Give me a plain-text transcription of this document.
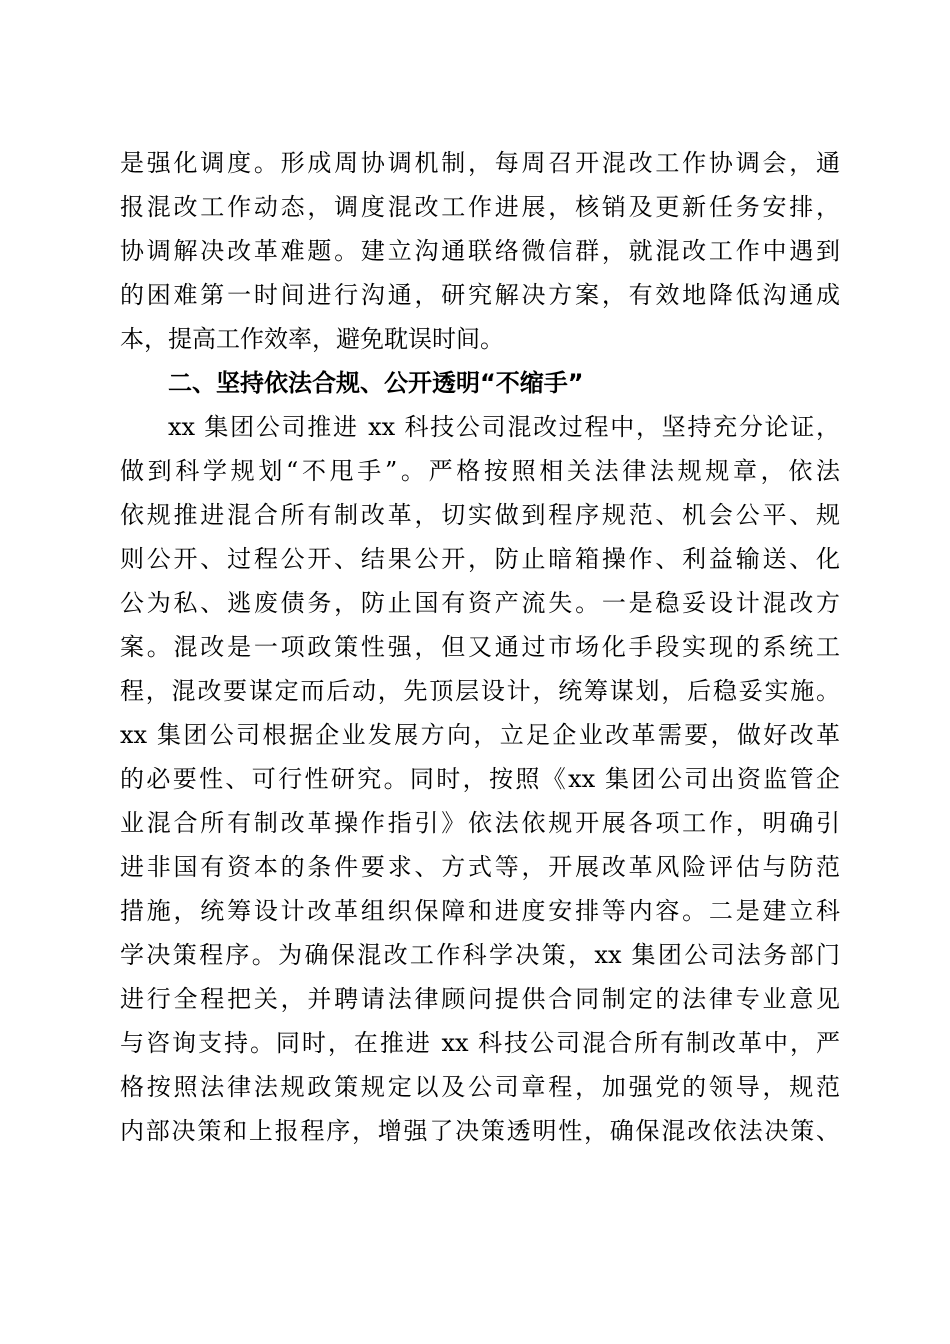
是强化调度。形成周协调机制，每周召开混改工作协调会，通
报混改工作动态，调度混改工作进展，核销及更新任务安排，
协调解决改革难题。建立沟通联络微信群，就混改工作中遇到
的困难第一时间进行沟通，研究解决方案，有效地降低沟通成
本，提高工作效率，避免耽误时间。
二、坚持依法合规、公开透明“不缩手”
xx 集团公司推进 xx 科技公司混改过程中，坚持充分论证，
做到科学规划“不甩手”。严格按照相关法律法规规章，依法
依规推进混合所有制改革，切实做到程序规范、机会公平、规
则公开、过程公开、结果公开，防止暗箱操作、利益输送、化
公为私、逃废债务，防止国有资产流失。一是稳妥设计混改方
案。混改是一项政策性强，但又通过市场化手段实现的系统工
程，混改要谋定而后动，先顶层设计，统筹谋划，后稳妥实施。
xx 集团公司根据企业发展方向，立足企业改革需要，做好改革
的必要性、可行性研究。同时，按照《xx 集团公司出资监管企
业混合所有制改革操作指引》依法依规开展各项工作，明确引
进非国有资本的条件要求、方式等，开展改革风险评估与防范
措施，统筹设计改革组织保障和进度安排等内容。二是建立科
学决策程序。为确保混改工作科学决策，xx 集团公司法务部门
进行全程把关，并聘请法律顾问提供合同制定的法律专业意见
与咨询支持。同时，在推进 xx 科技公司混合所有制改革中，严
格按照法律法规政策规定以及公司章程，加强党的领导，规范
内部决策和上报程序，增强了决策透明性，确保混改依法决策、
